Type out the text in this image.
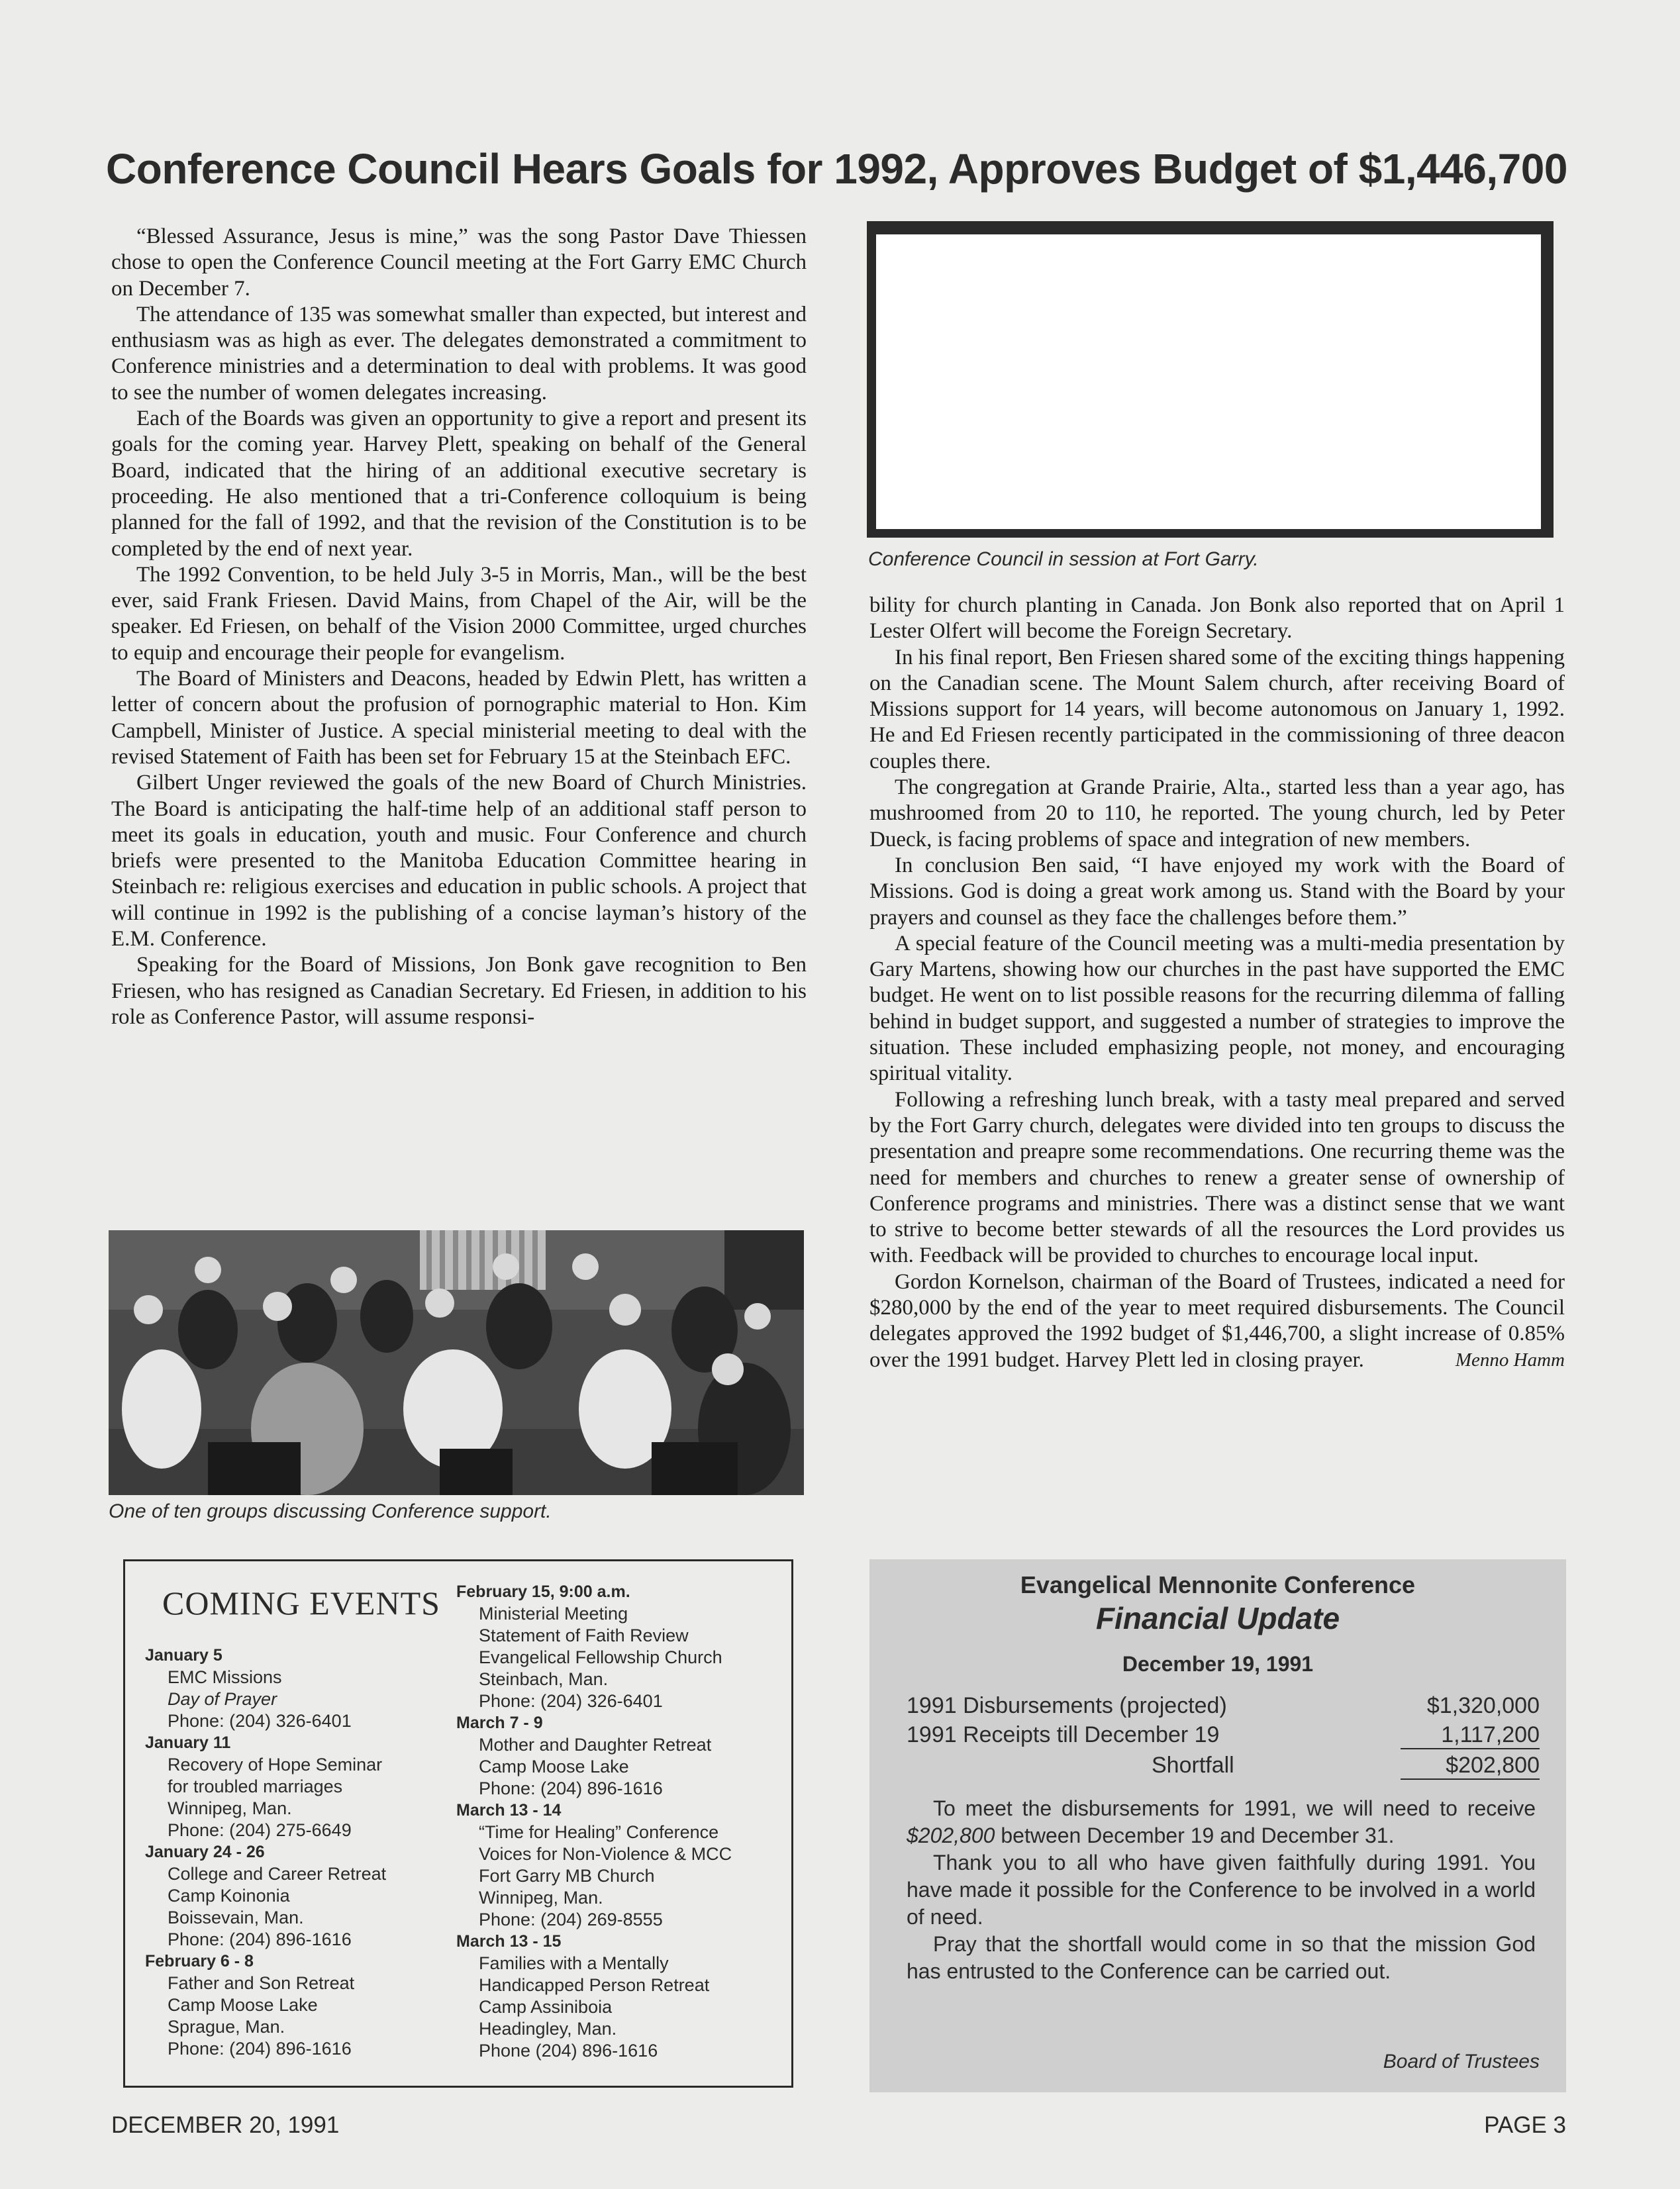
Conference Council Hears Goals for 1992, Approves Budget of $1,446,700

“Blessed Assurance, Jesus is mine,” was the song Pastor Dave Thiessen chose to open the Conference Council meeting at the Fort Garry EMC Church on December 7.

The attendance of 135 was somewhat smaller than expected, but interest and enthusiasm was as high as ever. The delegates demonstrated a commitment to Conference ministries and a determination to deal with problems. It was good to see the number of women delegates increasing.

Each of the Boards was given an opportunity to give a report and present its goals for the coming year. Harvey Plett, speaking on behalf of the General Board, indicated that the hiring of an additional executive secretary is proceeding. He also mentioned that a tri-Conference colloquium is being planned for the fall of 1992, and that the revision of the Constitution is to be completed by the end of next year.

The 1992 Convention, to be held July 3-5 in Morris, Man., will be the best ever, said Frank Friesen. David Mains, from Chapel of the Air, will be the speaker. Ed Friesen, on behalf of the Vision 2000 Committee, urged churches to equip and encourage their people for evangelism.

The Board of Ministers and Deacons, headed by Edwin Plett, has written a letter of concern about the profusion of pornographic material to Hon. Kim Campbell, Minister of Justice. A special ministerial meeting to deal with the revised Statement of Faith has been set for February 15 at the Steinbach EFC.

Gilbert Unger reviewed the goals of the new Board of Church Ministries. The Board is anticipating the half-time help of an additional staff person to meet its goals in education, youth and music. Four Conference and church briefs were presented to the Manitoba Education Committee hearing in Steinbach re: religious exercises and education in public schools. A project that will continue in 1992 is the publishing of a concise layman’s history of the E.M. Conference.

Speaking for the Board of Missions, Jon Bonk gave recognition to Ben Friesen, who has resigned as Canadian Secretary. Ed Friesen, in addition to his role as Conference Pastor, will assume responsi-

Conference Council in session at Fort Garry.

bility for church planting in Canada. Jon Bonk also reported that on April 1 Lester Olfert will become the Foreign Secretary.

In his final report, Ben Friesen shared some of the exciting things happening on the Canadian scene. The Mount Salem church, after receiving Board of Missions support for 14 years, will become autonomous on January 1, 1992. He and Ed Friesen recently participated in the commissioning of three deacon couples there.

The congregation at Grande Prairie, Alta., started less than a year ago, has mushroomed from 20 to 110, he reported. The young church, led by Peter Dueck, is facing problems of space and integration of new members.

In conclusion Ben said, “I have enjoyed my work with the Board of Missions. God is doing a great work among us. Stand with the Board by your prayers and counsel as they face the challenges before them.”

A special feature of the Council meeting was a multi-media presentation by Gary Martens, showing how our churches in the past have supported the EMC budget. He went on to list possible reasons for the recurring dilemma of falling behind in budget support, and suggested a number of strategies to improve the situation. These included emphasizing people, not money, and encouraging spiritual vitality.

Following a refreshing lunch break, with a tasty meal prepared and served by the Fort Garry church, delegates were divided into ten groups to discuss the presentation and preapre some recommendations. One recurring theme was the need for members and churches to renew a greater sense of ownership of Conference programs and ministries. There was a distinct sense that we want to strive to become better stewards of all the resources the Lord provides us with. Feedback will be provided to churches to encourage local input.

Gordon Kornelson, chairman of the Board of Trustees, indicated a need for $280,000 by the end of the year to meet required disbursements. The Council delegates approved the 1992 budget of $1,446,700, a slight increase of 0.85% over the 1991 budget. Harvey Plett led in closing prayer.	Menno Hamm

One of ten groups discussing Conference support.
COMING EVENTS
January 5
EMC Missions
Day of Prayer
Phone: (204) 326-6401
January 11
Recovery of Hope Seminar
for troubled marriages
Winnipeg, Man.
Phone: (204) 275-6649
January 24 - 26
College and Career Retreat
Camp Koinonia
Boissevain, Man.
Phone: (204) 896-1616
February 6 - 8
Father and Son Retreat
Camp Moose Lake
Sprague, Man.
Phone: (204) 896-1616
February 15, 9:00 a.m.
Ministerial Meeting
Statement of Faith Review
Evangelical Fellowship Church
Steinbach, Man.
Phone: (204) 326-6401
March 7 - 9
Mother and Daughter Retreat
Camp Moose Lake
Phone: (204) 896-1616
March 13 - 14
“Time for Healing” Conference
Voices for Non-Violence & MCC
Fort Garry MB Church
Winnipeg, Man.
Phone: (204) 269-8555
March 13 - 15
Families with a Mentally
Handicapped Person Retreat
Camp Assiniboia
Headingley, Man.
Phone (204) 896-1616
Evangelical Mennonite Conference
Financial Update
December 19, 1991
1991 Disbursements (projected)	$1,320,000
1991 Receipts till December 19	1,117,200
Shortfall	$202,800

To meet the disbursements for 1991, we will need to receive $202,800 between December 19 and December 31.

Thank you to all who have given faithfully during 1991. You have made it possible for the Conference to be involved in a world of need.

Pray that the shortfall would come in so that the mission God has entrusted to the Conference can be carried out.

Board of Trustees
DECEMBER 20, 1991	PAGE 3
